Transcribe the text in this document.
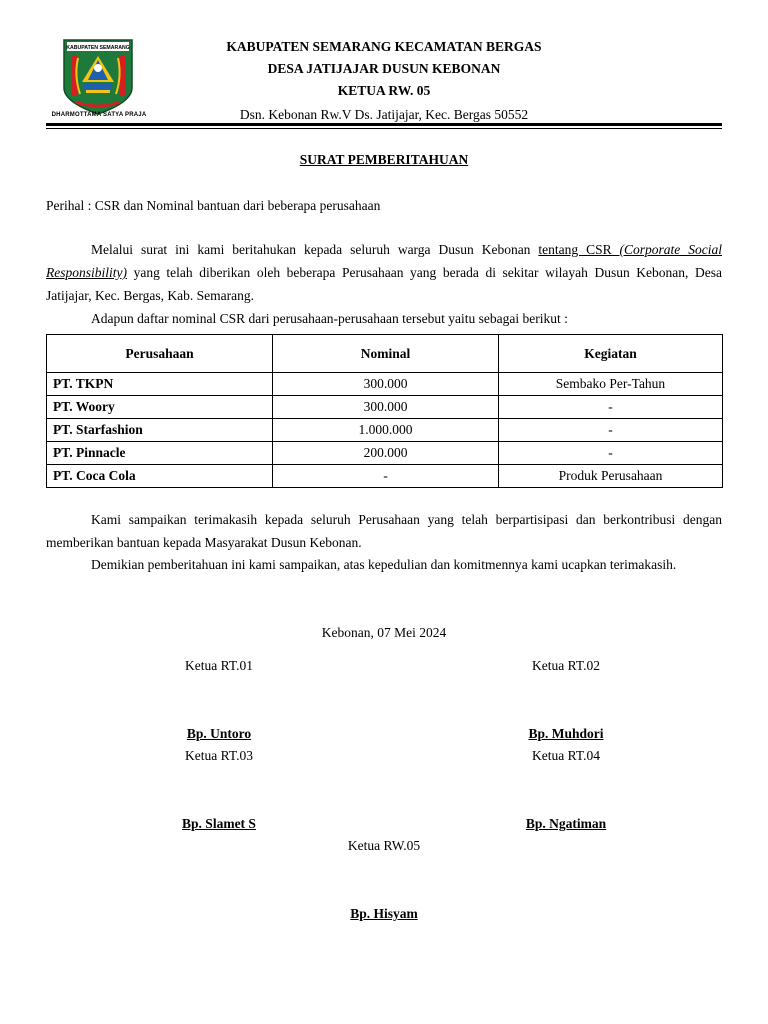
KABUPATEN SEMARANG
DHARMOTTAMA SATYA PRAJA
KABUPATEN SEMARANG KECAMATAN BERGAS
DESA JATIJAJAR DUSUN KEBONAN
KETUA RW. 05
Dsn. Kebonan Rw.V Ds. Jatijajar, Kec. Bergas 50552
SURAT PEMBERITAHUAN
Perihal : CSR dan Nominal bantuan dari beberapa perusahaan
Melalui surat ini kami beritahukan kepada seluruh warga Dusun Kebonan tentang CSR (Corporate Social Responsibility) yang telah diberikan oleh beberapa Perusahaan yang berada di sekitar wilayah Dusun Kebonan, Desa Jatijajar, Kec. Bergas, Kab. Semarang.
Adapun daftar nominal CSR dari perusahaan-perusahaan tersebut yaitu sebagai berikut :
Perusahaan	Nominal	Kegiatan
PT. TKPN	300.000	Sembako Per-Tahun
PT. Woory	300.000	-
PT. Starfashion	1.000.000	-
PT. Pinnacle	200.000	-
PT. Coca Cola	-	Produk Perusahaan
Kami sampaikan terimakasih kepada seluruh Perusahaan yang telah berpartisipasi dan berkontribusi dengan memberikan bantuan kepada Masyarakat Dusun Kebonan.
Demikian pemberitahuan ini kami sampaikan, atas kepedulian dan komitmennya kami ucapkan terimakasih.
Kebonan, 07 Mei 2024
Ketua RT.01	Ketua RT.02
Bp. Untoro	Bp. Muhdori
Ketua RT.03	Ketua RT.04
Bp. Slamet S	Bp. Ngatiman
Ketua RW.05
Bp. Hisyam
